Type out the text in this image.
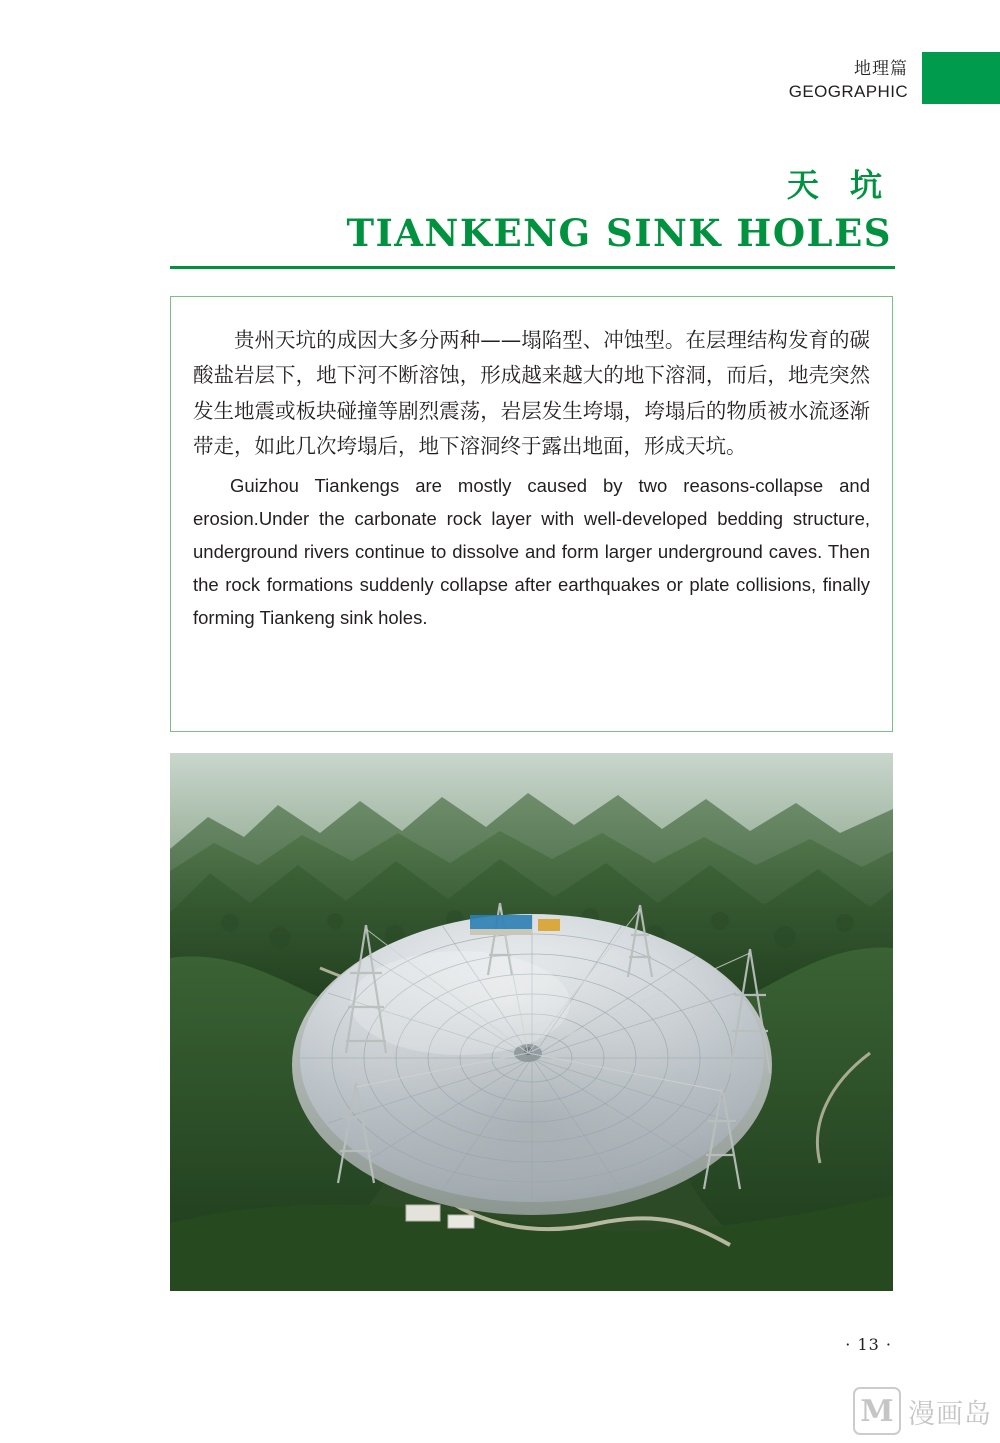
地理篇
GEOGRAPHIC
天 坑
TIANKENG SINK HOLES

贵州天坑的成因大多分两种——塌陷型、冲蚀型。在层理结构发育的碳酸盐岩层下，地下河不断溶蚀，形成越来越大的地下溶洞，而后，地壳突然发生地震或板块碰撞等剧烈震荡，岩层发生垮塌，垮塌后的物质被水流逐渐带走，如此几次垮塌后，地下溶洞终于露出地面，形成天坑。

Guizhou Tiankengs are mostly caused by two reasons-collapse and erosion.Under the carbonate rock layer with well-developed bedding structure, underground rivers continue to dissolve and form larger underground caves. Then the rock formations suddenly collapse after earthquakes or plate collisions, finally forming Tiankeng sink holes.

· 13 ·
M 漫画岛
